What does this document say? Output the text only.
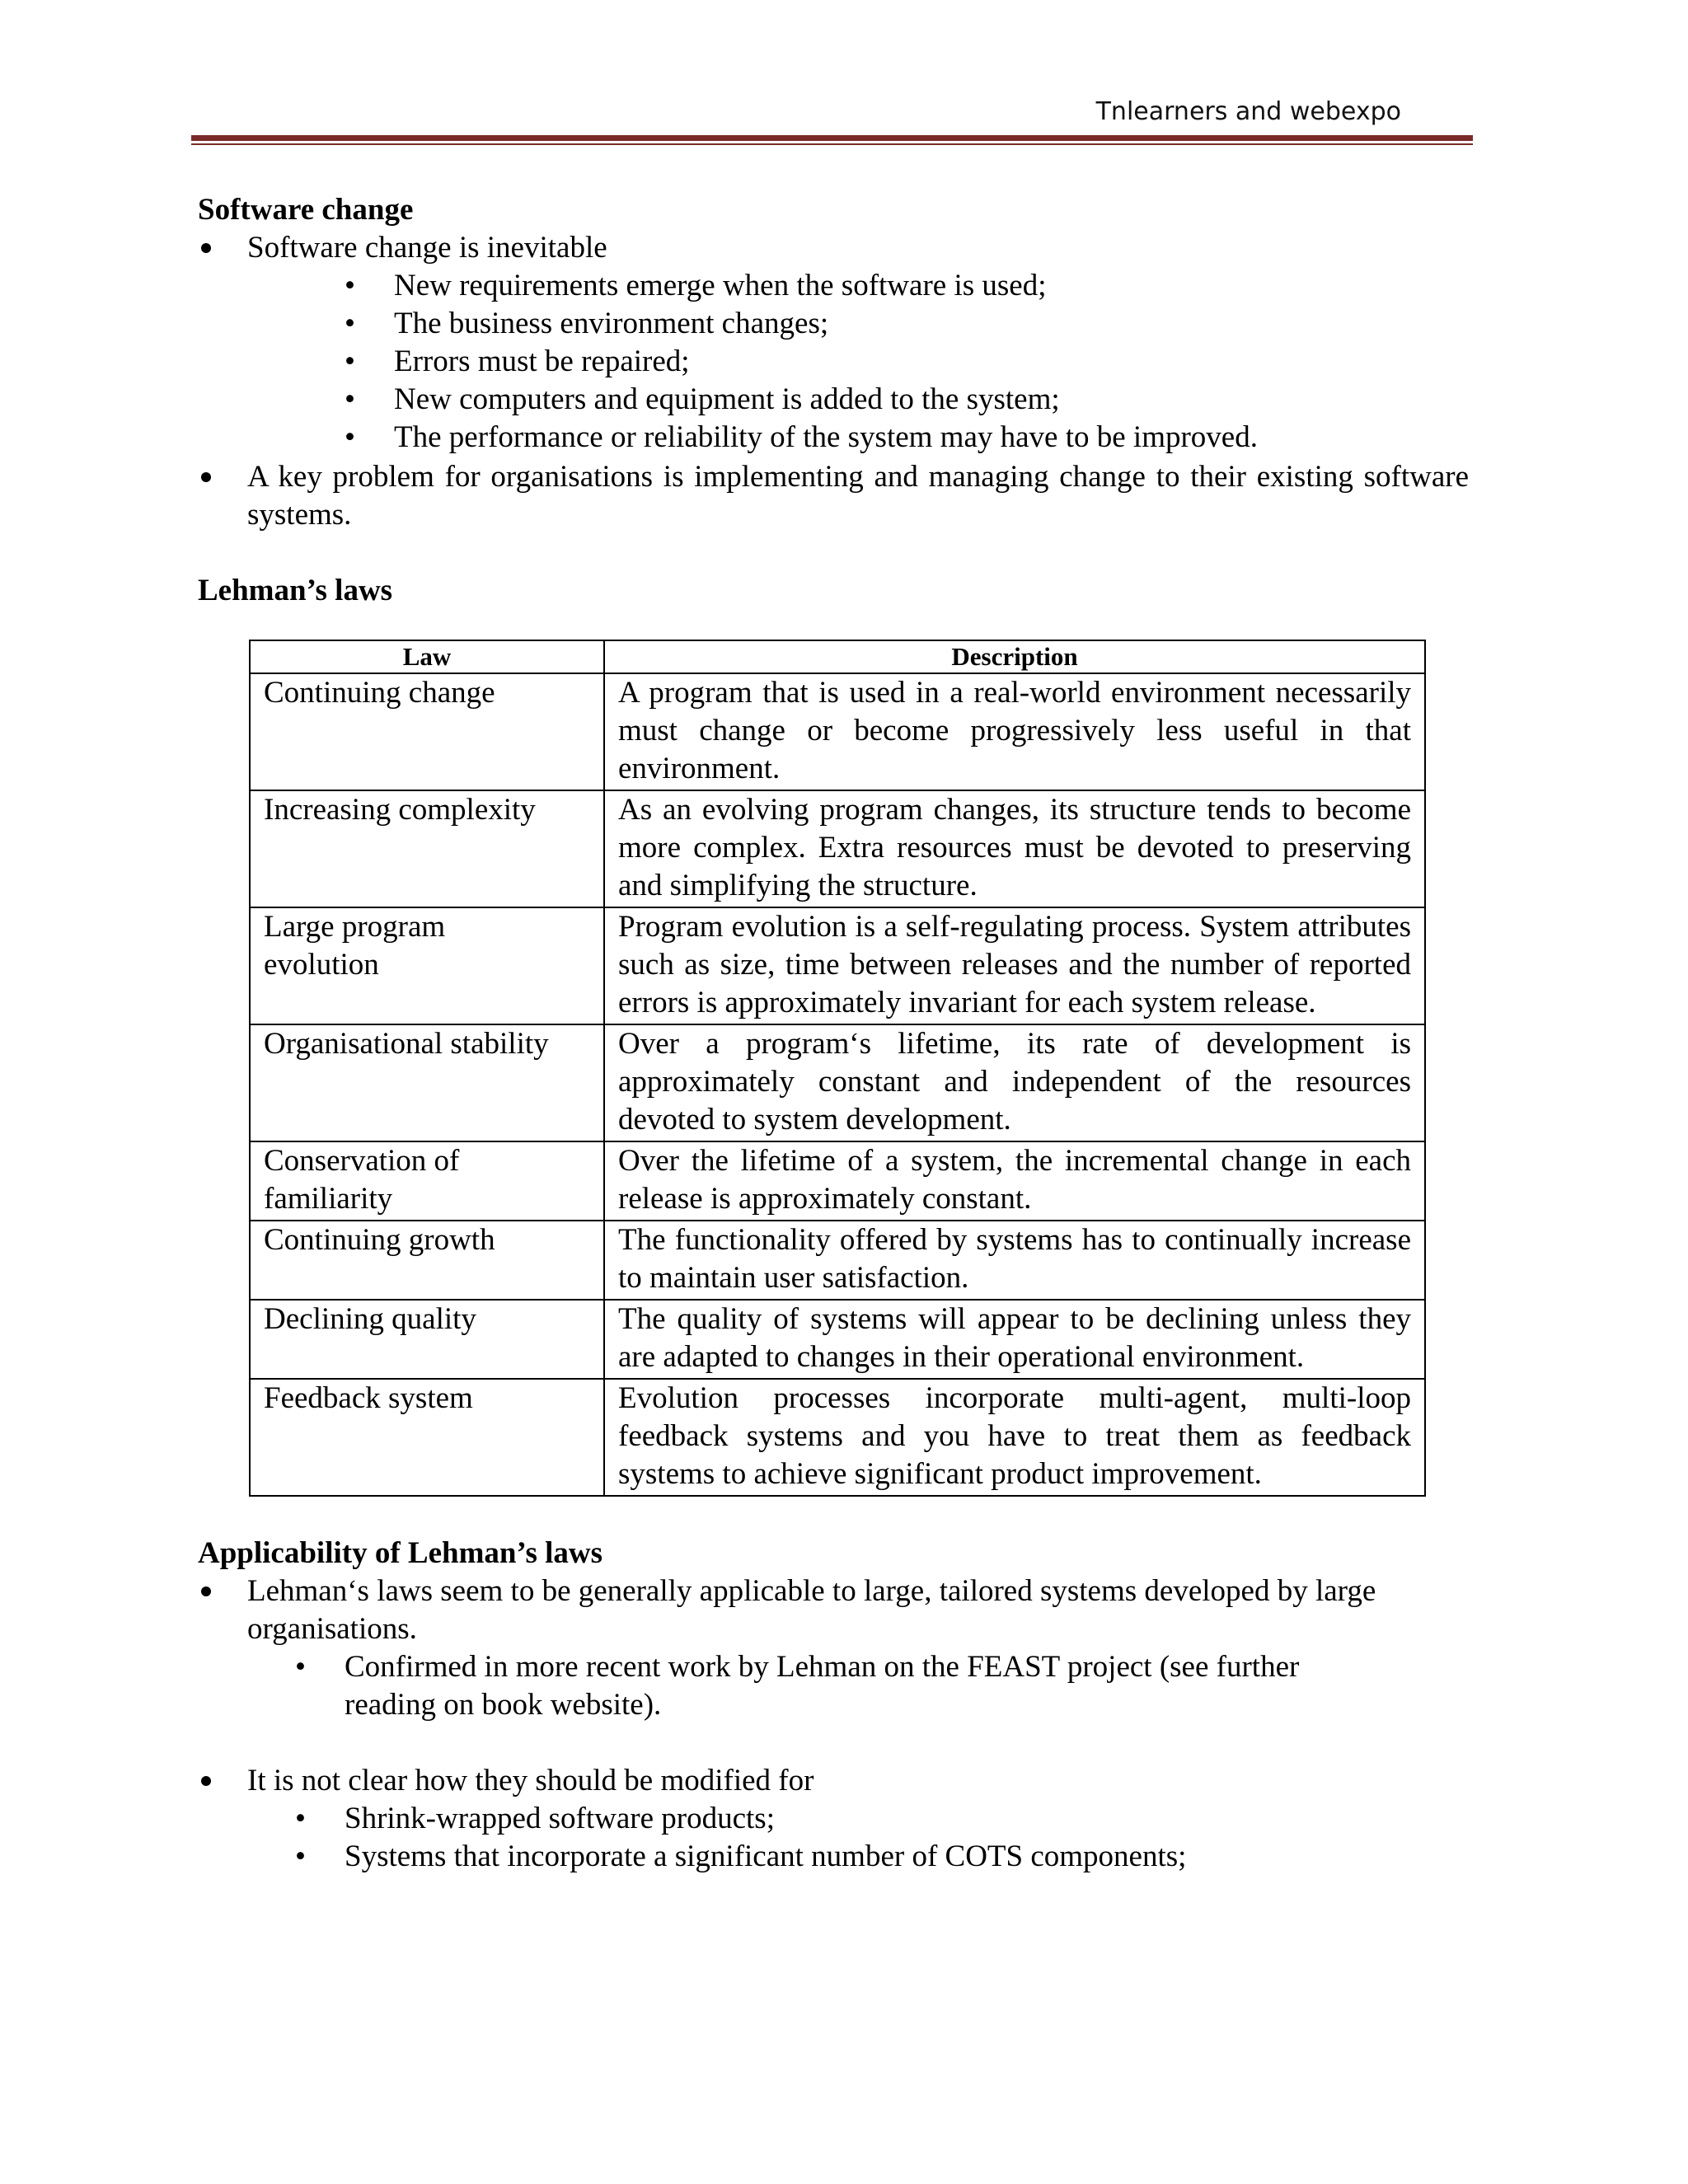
Tnlearners and webexpo
Software change
Software change is inevitable
• New requirements emerge when the software is used;
• The business environment changes;
• Errors must be repaired;
• New computers and equipment is added to the system;
• The performance or reliability of the system may have to be improved.
A key problem for organisations is implementing and managing change to their existing software systems.
Lehman’s laws
Law	Description
Continuing change	A program that is used in a real-world environment necessarily must change or become progressively less useful in that environment.
Increasing complexity	As an evolving program changes, its structure tends to become more complex. Extra resources must be devoted to preserving and simplifying the structure.
Large program evolution	Program evolution is a self-regulating process. System attributes such as size, time between releases and the number of reported errors is approximately invariant for each system release.
Organisational stability	Over a program‘s lifetime, its rate of development is approximately constant and independent of the resources devoted to system development.
Conservation of familiarity	Over the lifetime of a system, the incremental change in each release is approximately constant.
Continuing growth	The functionality offered by systems has to continually increase to maintain user satisfaction.
Declining quality	The quality of systems will appear to be declining unless they are adapted to changes in their operational environment.
Feedback system	Evolution processes incorporate multi-agent, multi-loop feedback systems and you have to treat them as feedback systems to achieve significant product improvement.
Applicability of Lehman’s laws
Lehman‘s laws seem to be generally applicable to large, tailored systems developed by large organisations.
• Confirmed in more recent work by Lehman on the FEAST project (see further reading on book website).
It is not clear how they should be modified for
• Shrink-wrapped software products;
• Systems that incorporate a significant number of COTS components;
